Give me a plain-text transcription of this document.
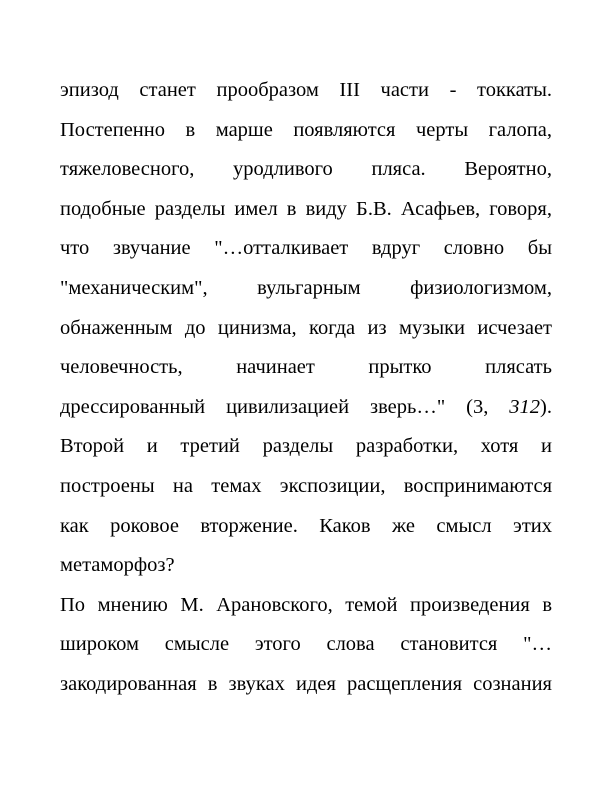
эпизод станет прообразом III части - токкаты.
Постепенно в марше появляются черты галопа,
тяжеловесного, уродливого пляса. Вероятно,
подобные разделы имел в виду Б.В. Асафьев, говоря,
что звучание "…отталкивает вдруг словно бы
"механическим", вульгарным физиологизмом,
обнаженным до цинизма, когда из музыки исчезает
человечность, начинает прытко плясать
дрессированный цивилизацией зверь…" (3, 312).
Второй и третий разделы разработки, хотя и
построены на темах экспозиции, воспринимаются
как роковое вторжение. Каков же смысл этих
метаморфоз?
По мнению М. Арановского, темой произведения в
широком смысле этого слова становится "…
закодированная в звуках идея расщепления сознания
